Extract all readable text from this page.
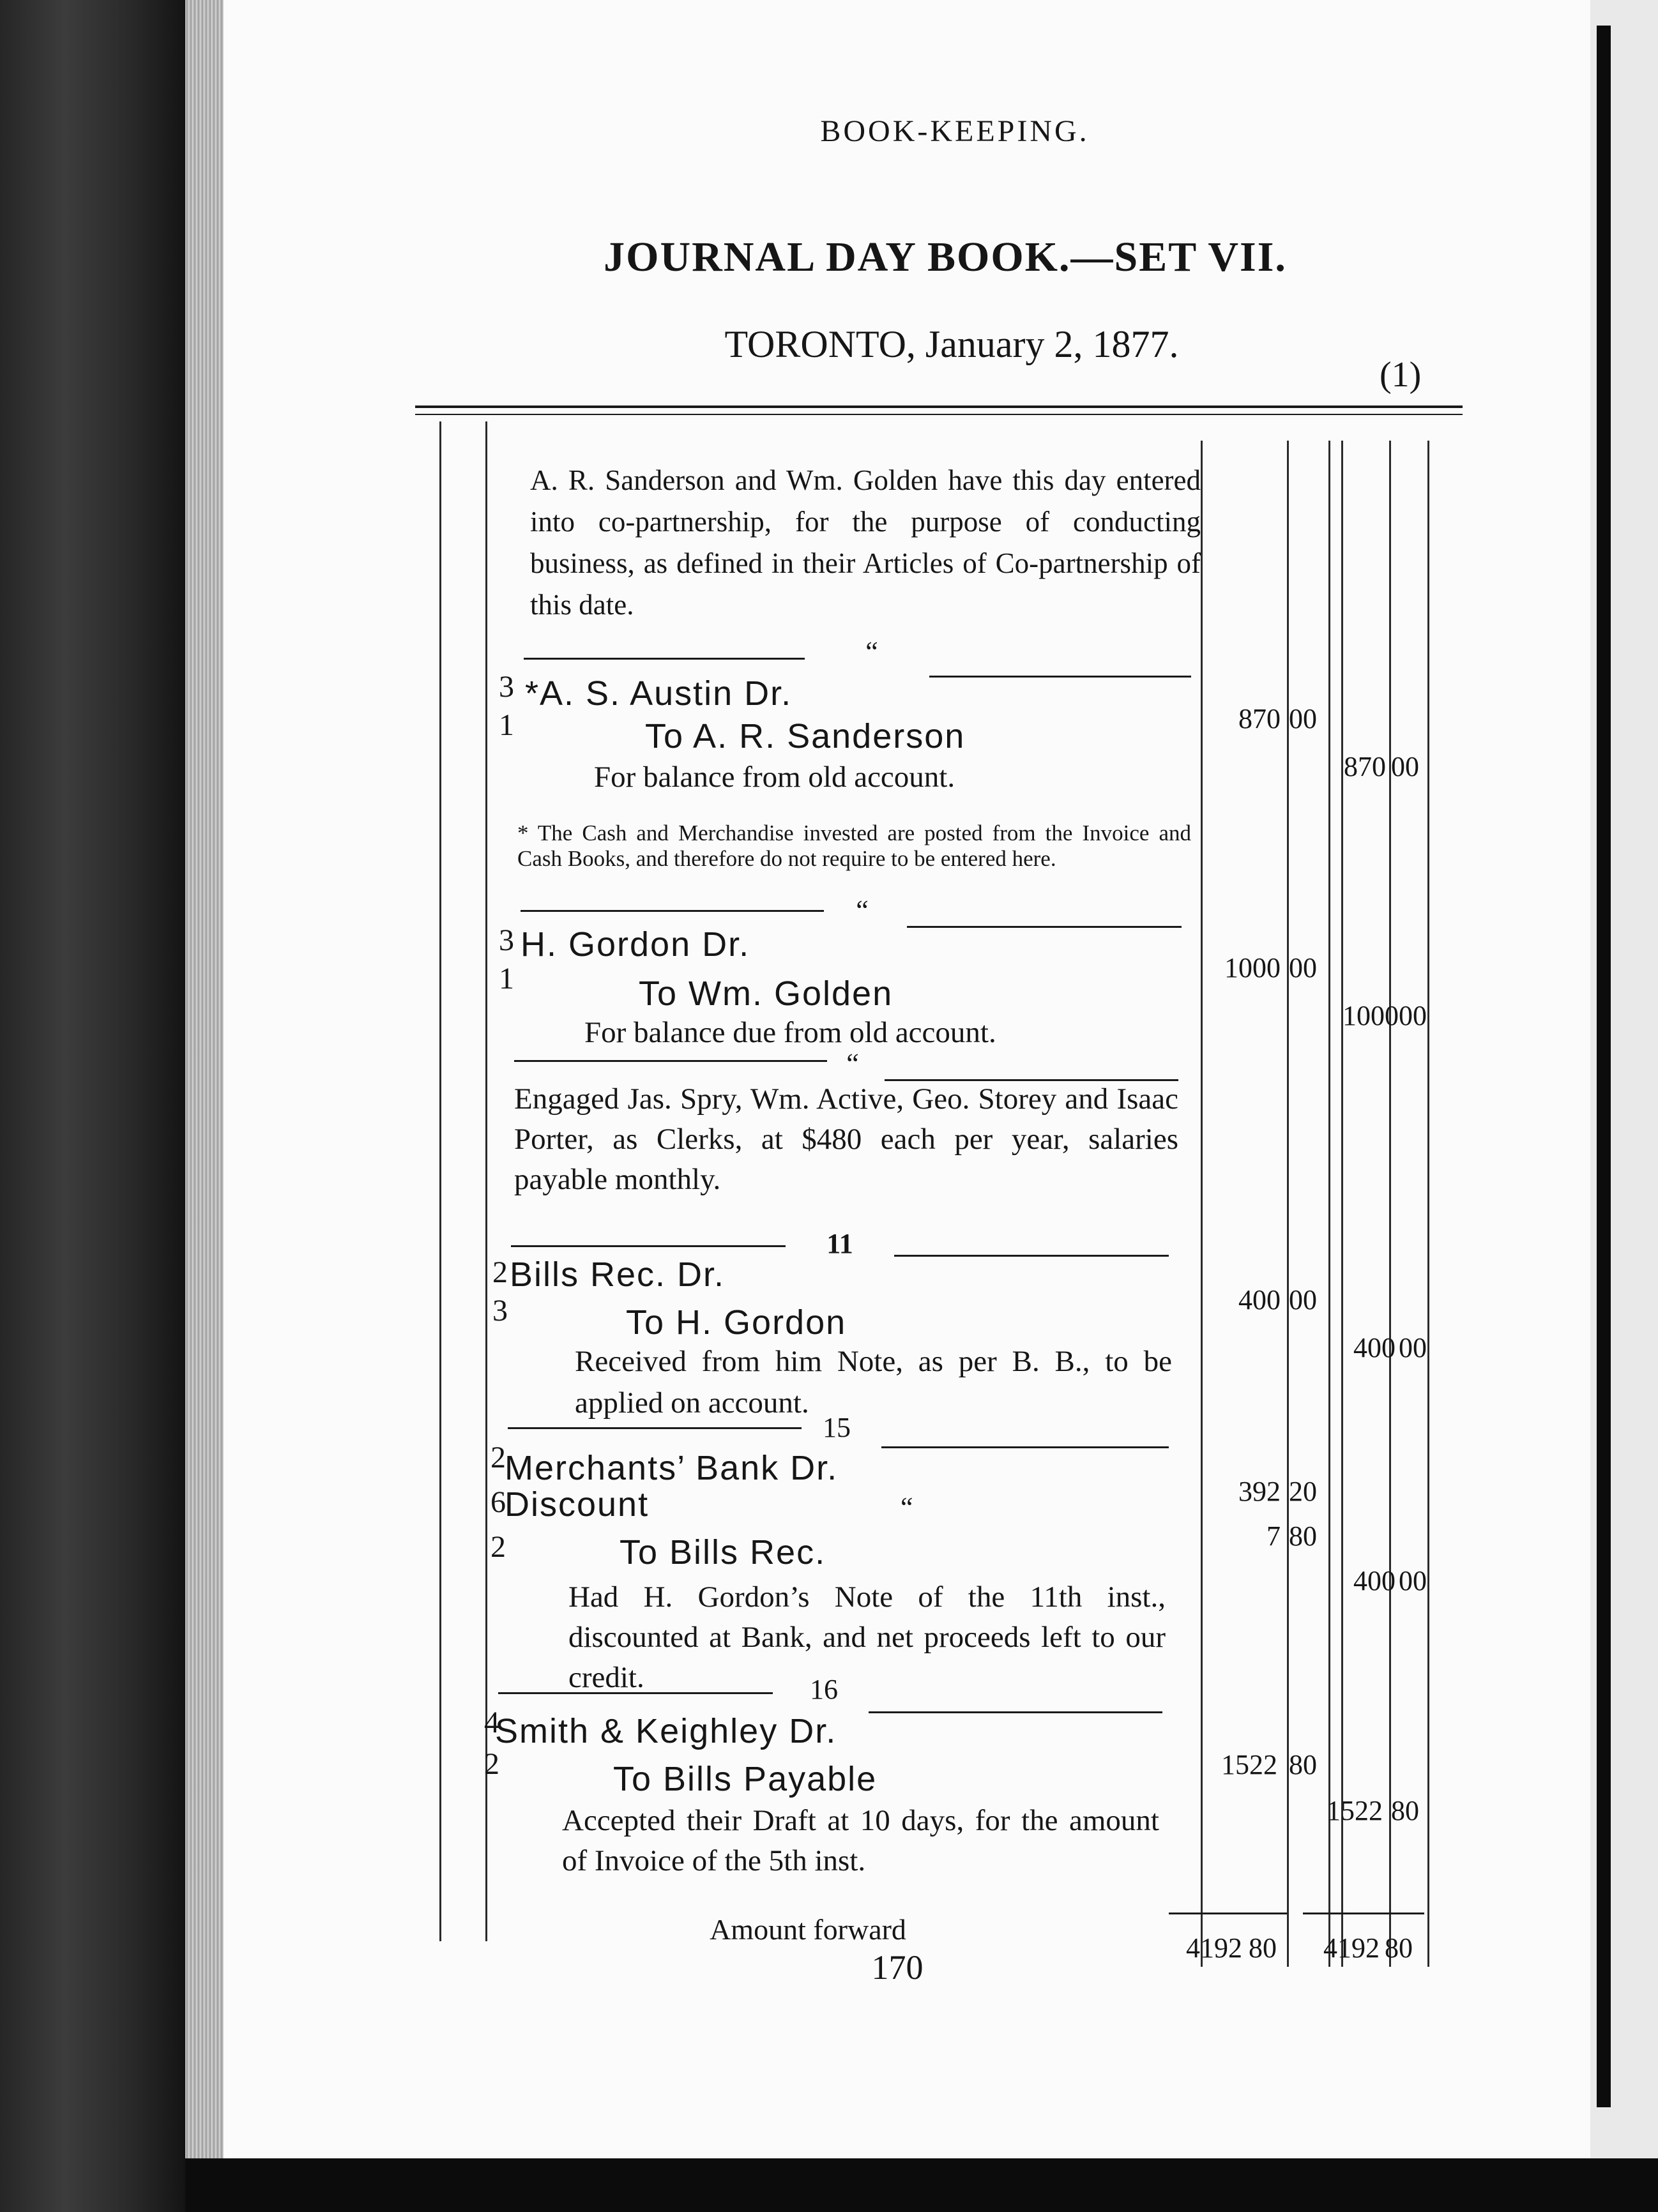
BOOK-KEEPING.
JOURNAL DAY BOOK.—SET VII.
TORONTO, January 2, 1877.
(1)
A. R. Sanderson and Wm. Golden have this day entered into co-partnership, for the purpose of conducting business, as defined in their Articles of Co-partnership of this date.
“
3
1
*A. S. Austin Dr.
To A. R. Sanderson
For balance from old account.
870 00
870 00
* The Cash and Merchandise invested are posted from the Invoice and Cash Books, and therefore do not require to be entered here.
“
3
1
H. Gordon Dr.
To Wm. Golden
For balance due from old account.
1000 00
1000 00
“
Engaged Jas. Spry, Wm. Active, Geo. Storey and Isaac Porter, as Clerks, at $480 each per year, salaries payable monthly.
11
2
3
Bills Rec. Dr.
To H. Gordon
Received from him Note, as per B. B., to be applied on account.
400 00
400 00
15
2
6
2
Merchants’ Bank Dr.
Discount	“
To Bills Rec.
Had H. Gordon’s Note of the 11th inst., discounted at Bank, and net proceeds left to our credit.
392 20
7 80
400 00
16
4
2
Smith & Keighley Dr.
To Bills Payable
Accepted their Draft at 10 days, for the amount of Invoice of the 5th inst.
1522 80
1522 80
Amount forward
4192 80	4192 80
170
